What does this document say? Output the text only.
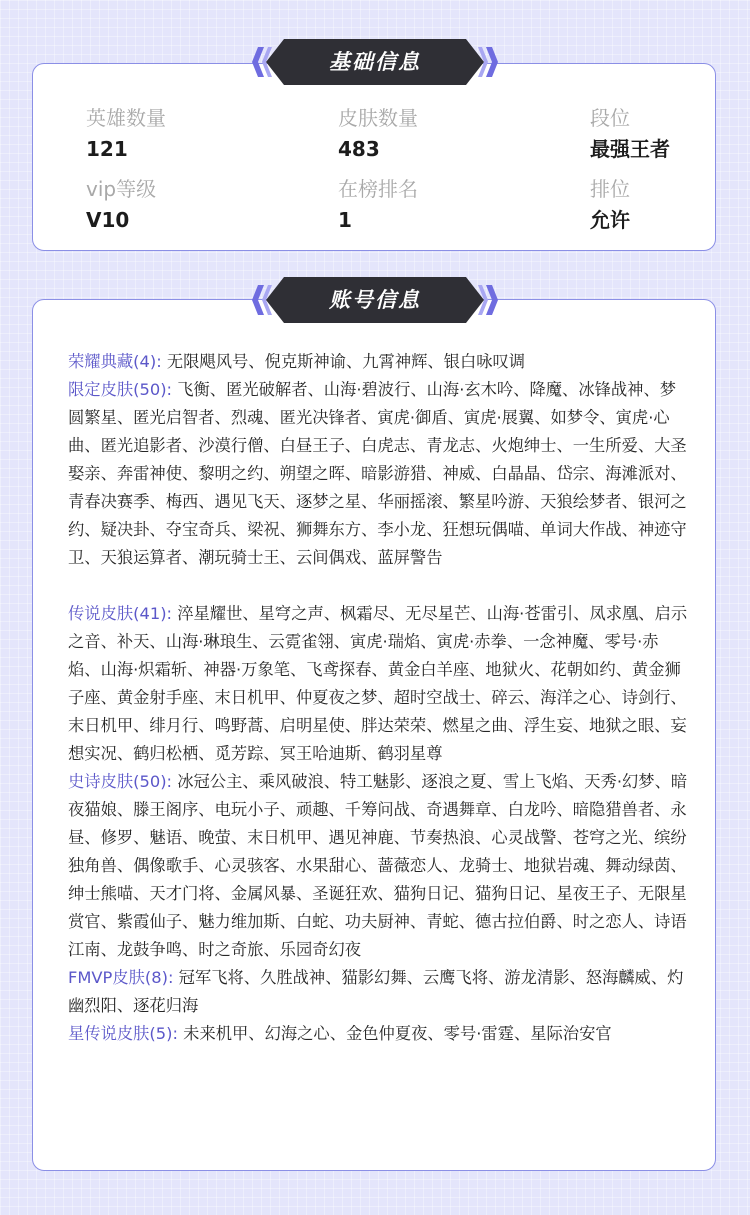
英雄数量
121
皮肤数量
483
段位
最强王者
vip等级
V10
在榜排名
1
排位
允许
基础信息
账号信息

荣耀典藏(4): 无限飓风号、倪克斯神谕、九霄神辉、银白咏叹调

限定皮肤(50): 飞衡、匿光破解者、山海·碧波行、山海·玄木吟、降魔、冰锋战神、梦圆繁星、匿光启智者、烈魂、匿光决锋者、寅虎·御盾、寅虎·展翼、如梦令、寅虎·心曲、匿光追影者、沙漠行僧、白昼王子、白虎志、青龙志、火炮绅士、一生所爱、大圣娶亲、奔雷神使、黎明之约、朔望之晖、暗影游猎、神威、白晶晶、岱宗、海滩派对、青春决赛季、梅西、遇见飞天、逐梦之星、华丽摇滚、繁星吟游、天狼绘梦者、银河之约、疑决卦、夺宝奇兵、梁祝、狮舞东方、李小龙、狂想玩偶喵、单词大作战、神迹守卫、天狼运算者、潮玩骑士王、云间偶戏、蓝屏警告

传说皮肤(41): 淬星耀世、星穹之声、枫霜尽、无尽星芒、山海·苍雷引、凤求凰、启示之音、补天、山海·琳琅生、云霓雀翎、寅虎·瑞焰、寅虎·赤拳、一念神魔、零号·赤焰、山海·炽霜斩、神器·万象笔、飞鸢探春、黄金白羊座、地狱火、花朝如约、黄金狮子座、黄金射手座、末日机甲、仲夏夜之梦、超时空战士、碎云、海洋之心、诗剑行、末日机甲、绯月行、鸣野蒿、启明星使、胖达荣荣、燃星之曲、浮生妄、地狱之眼、妄想实况、鹤归松栖、觅芳踪、冥王哈迪斯、鹤羽星尊

史诗皮肤(50): 冰冠公主、乘风破浪、特工魅影、逐浪之夏、雪上飞焰、天秀·幻梦、暗夜猫娘、滕王阁序、电玩小子、顽趣、千筹问战、奇遇舞章、白龙吟、暗隐猎兽者、永昼、修罗、魅语、晚萤、末日机甲、遇见神鹿、节奏热浪、心灵战警、苍穹之光、缤纷独角兽、偶像歌手、心灵骇客、水果甜心、蔷薇恋人、龙骑士、地狱岩魂、舞动绿茵、绅士熊喵、天才门将、金属风暴、圣诞狂欢、猫狗日记、猫狗日记、星夜王子、无限星赏官、紫霞仙子、魅力维加斯、白蛇、功夫厨神、青蛇、德古拉伯爵、时之恋人、诗语江南、龙鼓争鸣、时之奇旅、乐园奇幻夜

FMVP皮肤(8): 冠军飞将、久胜战神、猫影幻舞、云鹰飞将、游龙清影、怒海麟威、灼幽烈阳、逐花归海

星传说皮肤(5): 未来机甲、幻海之心、金色仲夏夜、零号·雷霆、星际治安官
